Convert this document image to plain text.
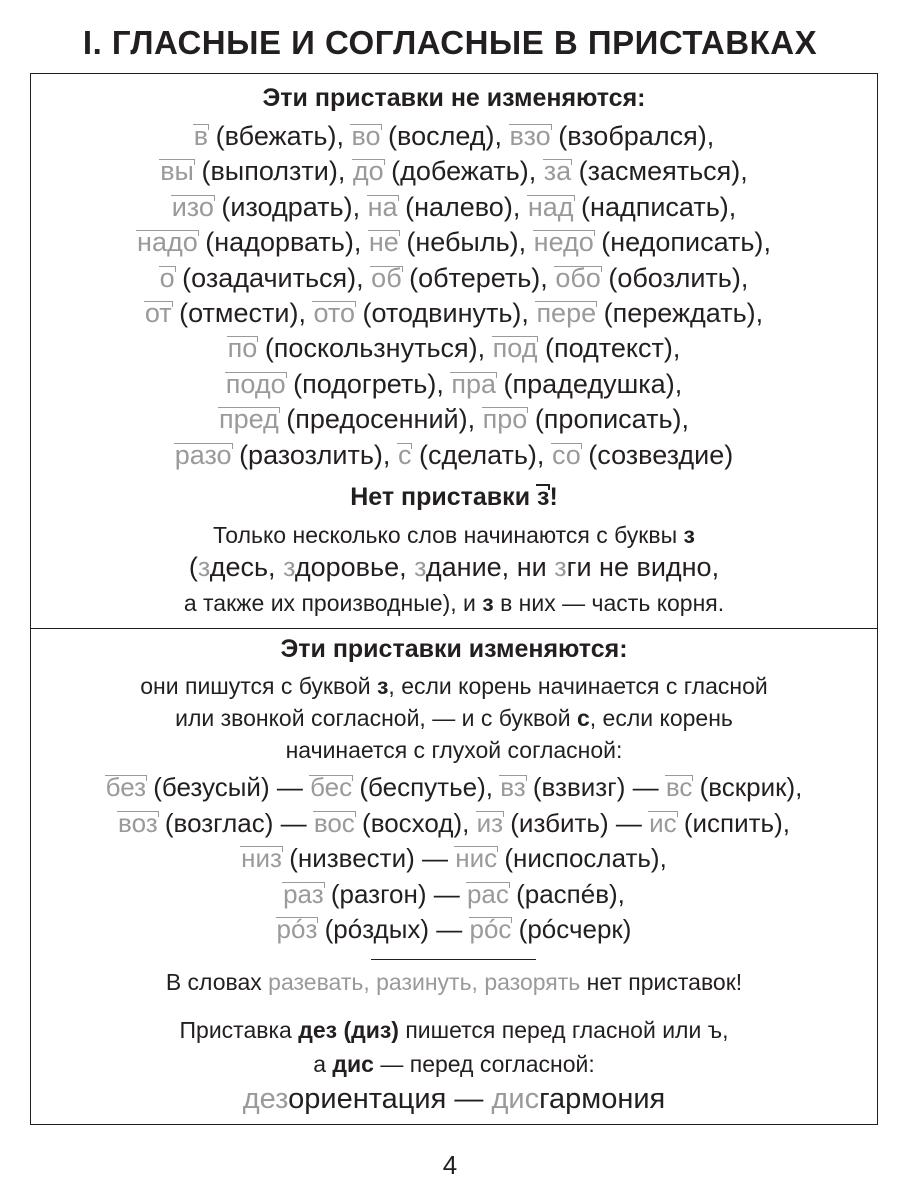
I. ГЛАСНЫЕ И СОГЛАСНЫЕ В ПРИСТАВКАХ
Эти приставки не изменяются:
в (вбежать), во (вослед), взо (взобрался),
вы (выползти), до (добежать), за (засмеяться),
изо (изодрать), на (налево), над (надписать),
надо (надорвать), не (небыль), недо (недописать),
о (озадачиться), об (обтереть), обо (обозлить),
от (отмести), ото (отодвинуть), пере (переждать),
по (поскользнуться), под (подтекст),
подо (подогреть), пра (прадедушка),
пред (предосенний), про (прописать),
разо (разозлить), с (сделать), со (созвездие)
Нет приставки з!
Только несколько слов начинаются с буквы з
(здесь, здоровье, здание, ни зги не видно,
а также их производные), и з в них — часть корня.
Эти приставки изменяются:
они пишутся с буквой з, если корень начинается с гласной
или звонкой согласной, — и с буквой с, если корень
начинается с глухой согласной:
без (безусый) — бес (беспутье), вз (взвизг) — вс (вскрик),
воз (возглас) — вос (восход), из (избить) — ис (испить),
низ (низвести) — нис (ниспослать),
раз (разгон) — рас (распéв),
рóз (рóздых) — рóс (рóсчерк)
В словах разевать, разинуть, разорять нет приставок!
Приставка дез (диз) пишется перед гласной или ъ,
а дис — перед согласной:
дезориентация — дисгармония
4
